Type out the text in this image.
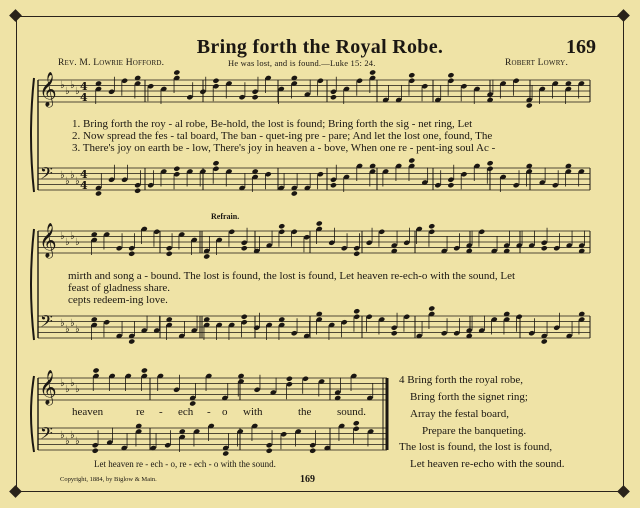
Bring forth the Royal Robe.	169
Rev. M. Lowrie Hofford.	He was lost, and is found.—Luke 15: 24.	Robert Lowry.
𝄞
𝄢
♭
♭
♭
♭
♭
♭
♭
♭
4
4
4
4
𝄞
𝄢
♭
♭
♭
♭
♭
♭
♭
♭
𝄞
𝄢
♭
♭
♭
♭
♭
♭
♭
♭
1. Bring forth the roy - al robe, Be-hold, the lost is found; Bring forth the sig - net ring, Let
2. Now spread the fes - tal board, The ban - quet-ing pre - pare; And let the lost one, found, The
3. There's joy on earth be - low, There's joy in heaven a - bove, When one re - pent-ing soul Ac -
Refrain.
mirth and song a - bound. The lost is found, the lost is found, Let heaven re-ech-o with the sound, Let
feast of gladness share.
cepts redeem-ing love.
heaven	re - ech - o with	the sound.
Let heaven re - ech - o, re - ech - o with the sound.
4 Bring forth the royal robe,
Bring forth the signet ring;
Array the festal board,
Prepare the banqueting.
The lost is found, the lost is found,
Let heaven re-echo with the sound.
Copyright, 1884, by Biglow & Main.	169
